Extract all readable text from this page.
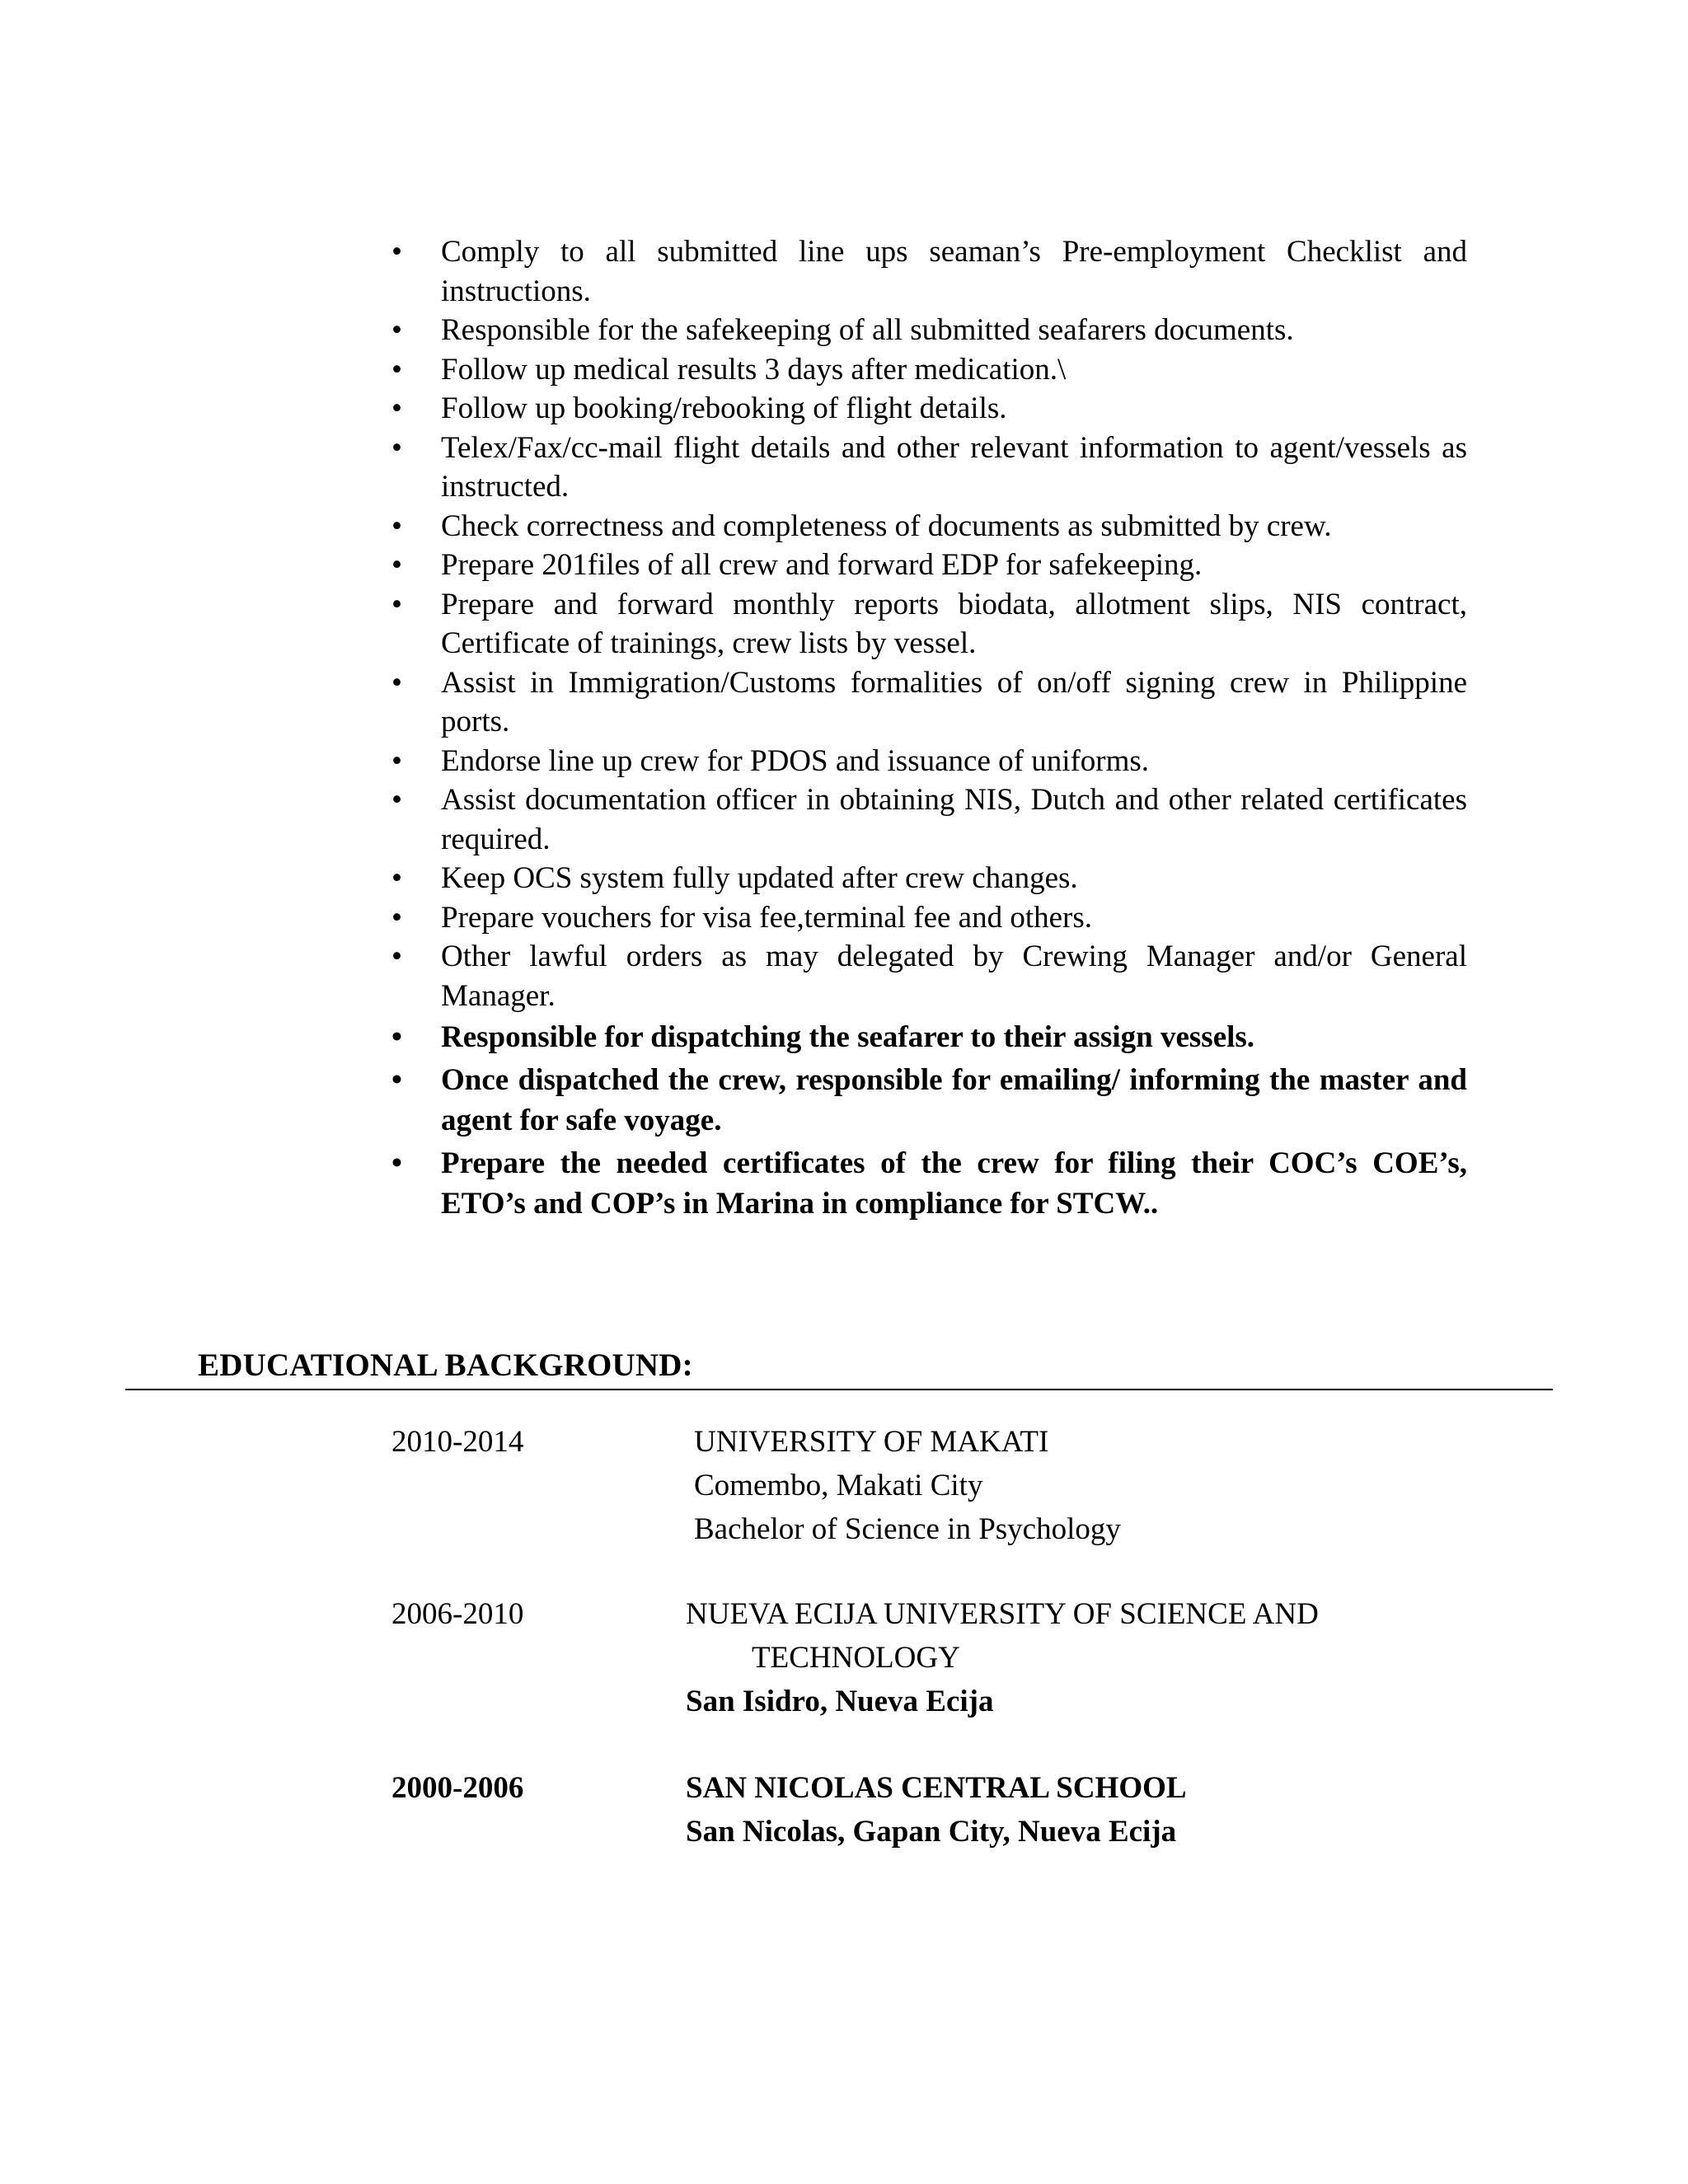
• Comply to all submitted line ups seaman’s Pre-employment Checklist and instructions.
• Responsible for the safekeeping of all submitted seafarers documents.
• Follow up medical results 3 days after medication.\
• Follow up booking/rebooking of flight details.
• Telex/Fax/cc-mail flight details and other relevant information to agent/vessels as instructed.
• Check correctness and completeness of documents as submitted by crew.
• Prepare 201files of all crew and forward EDP for safekeeping.
• Prepare and forward monthly reports biodata, allotment slips, NIS contract, Certificate of trainings, crew lists by vessel.
• Assist in Immigration/Customs formalities of on/off signing crew in Philippine ports.
• Endorse line up crew for PDOS and issuance of uniforms.
• Assist documentation officer in obtaining NIS, Dutch and other related certificates required.
• Keep OCS system fully updated after crew changes.
• Prepare vouchers for visa fee,terminal fee and others.
• Other lawful orders as may delegated by Crewing Manager and/or General Manager.
• Responsible for dispatching the seafarer to their assign vessels.
• Once dispatched the crew, responsible for emailing/ informing the master and agent for safe voyage.
• Prepare the needed certificates of the crew for filing their COC’s COE’s, ETO’s and COP’s in Marina in compliance for STCW..
EDUCATIONAL BACKGROUND:
2010-2014	UNIVERSITY OF MAKATI
Comembo, Makati City
Bachelor of Science in Psychology
2006-2010	NUEVA ECIJA UNIVERSITY OF SCIENCE AND
TECHNOLOGY
San Isidro, Nueva Ecija
2000-2006	SAN NICOLAS CENTRAL SCHOOL
San Nicolas, Gapan City, Nueva Ecija
